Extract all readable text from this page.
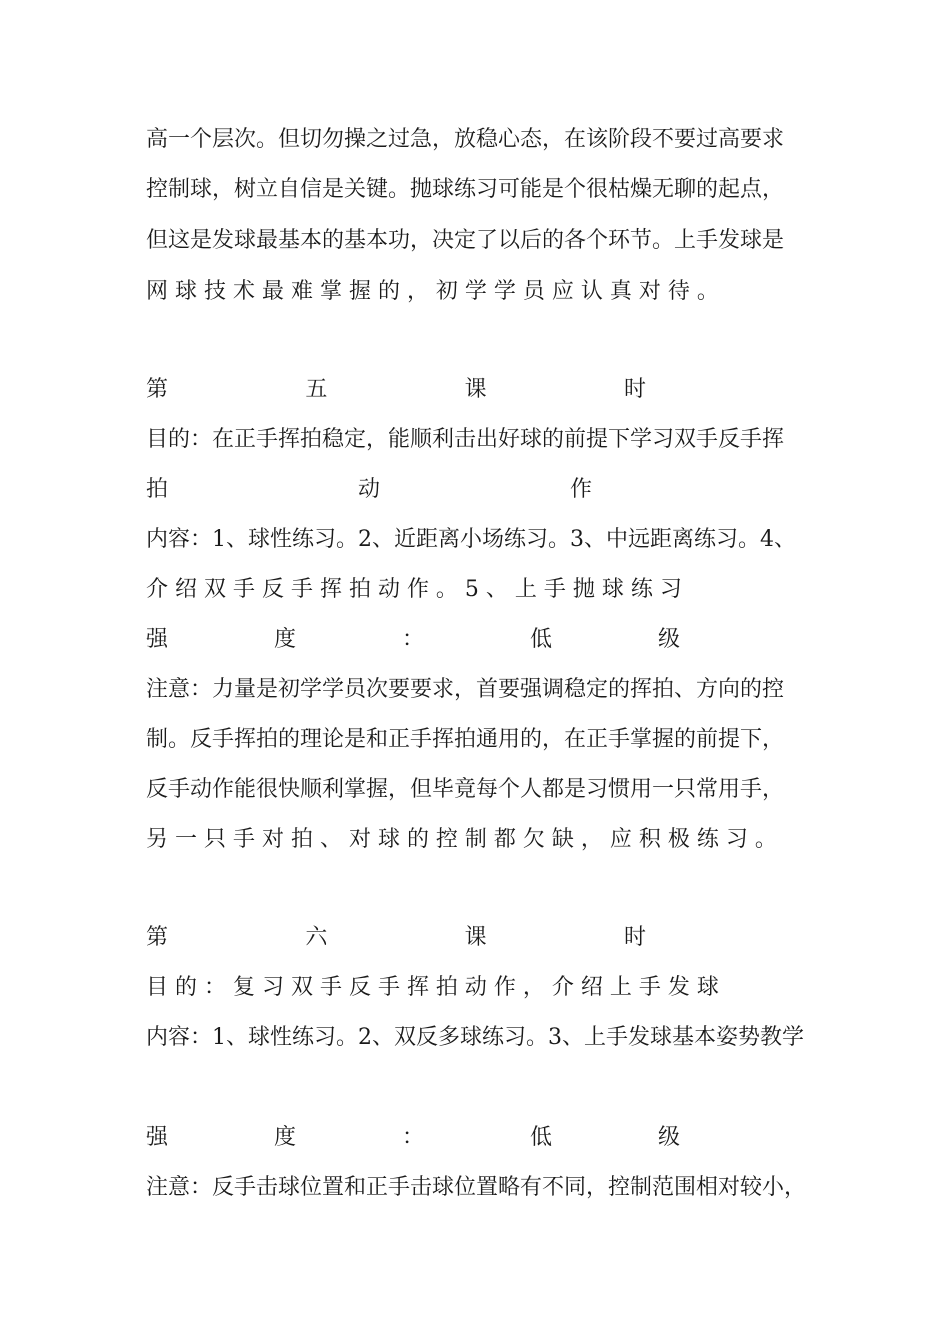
高一个层次。但切勿操之过急，放稳心态，在该阶段不要过高要求
控制球，树立自信是关键。抛球练习可能是个很枯燥无聊的起点，
但这是发球最基本的基本功，决定了以后的各个环节。上手发球是
网 球 技 术 最 难 掌 握 的 ， 初 学 学 员 应 认 真 对 待 。
第	五	课	时
目的：在正手挥拍稳定，能顺利击出好球的前提下学习双手反手挥
拍	动	作
内容：1、球性练习。2、近距离小场练习。3、中远距离练习。4、
介 绍 双 手 反 手 挥 拍 动 作 。 5 、 上 手 抛 球 练 习
强	度	：	低	级
注意：力量是初学学员次要要求，首要强调稳定的挥拍、方向的控
制。反手挥拍的理论是和正手挥拍通用的，在正手掌握的前提下，
反手动作能很快顺利掌握，但毕竟每个人都是习惯用一只常用手，
另 一 只 手 对 拍 、 对 球 的 控 制 都 欠 缺 ， 应 积 极 练 习 。
第	六	课	时
目 的 ： 复 习 双 手 反 手 挥 拍 动 作 ， 介 绍 上 手 发 球
内容：1、球性练习。2、双反多球练习。3、上手发球基本姿势教学
强	度	：	低	级
注意：反手击球位置和正手击球位置略有不同，控制范围相对较小，
